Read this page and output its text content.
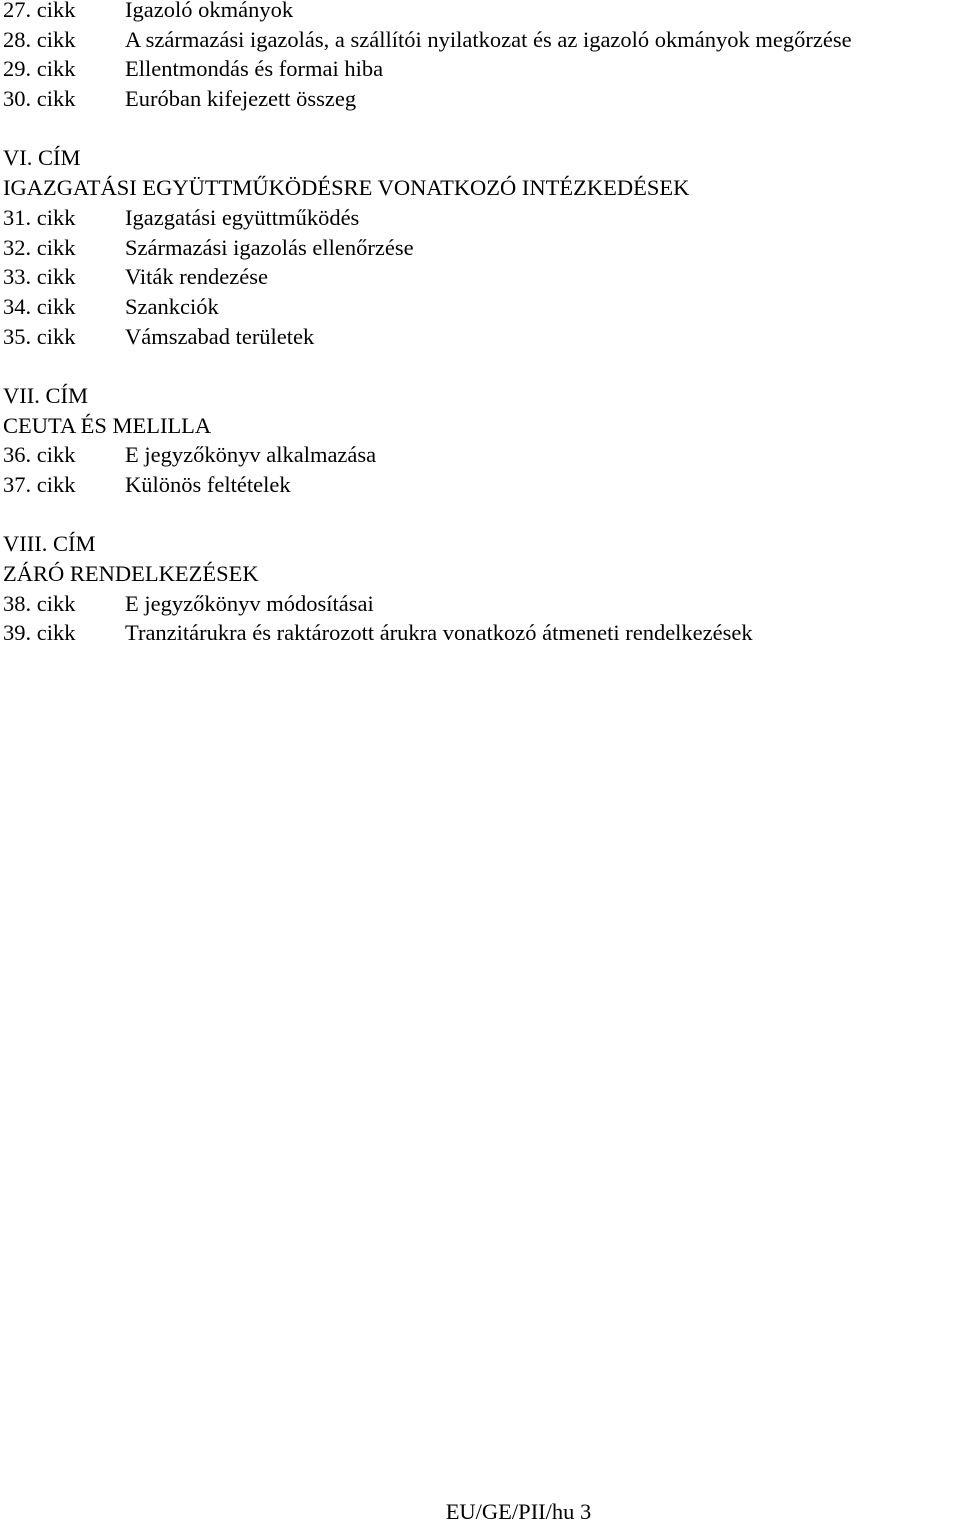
27. cikk Igazoló okmányok
28. cikk A származási igazolás, a szállítói nyilatkozat és az igazoló okmányok megőrzése
29. cikk Ellentmondás és formai hiba
30. cikk Euróban kifejezett összeg
VI. CÍM
IGAZGATÁSI EGYÜTTMŰKÖDÉSRE VONATKOZÓ INTÉZKEDÉSEK
31. cikk Igazgatási együttműködés
32. cikk Származási igazolás ellenőrzése
33. cikk Viták rendezése
34. cikk Szankciók
35. cikk Vámszabad területek
VII. CÍM
CEUTA ÉS MELILLA
36. cikk E jegyzőkönyv alkalmazása
37. cikk Különös feltételek
VIII. CÍM
ZÁRÓ RENDELKEZÉSEK
38. cikk E jegyzőkönyv módosításai
39. cikk Tranzitárukra és raktározott árukra vonatkozó átmeneti rendelkezések
EU/GE/PII/hu 3
